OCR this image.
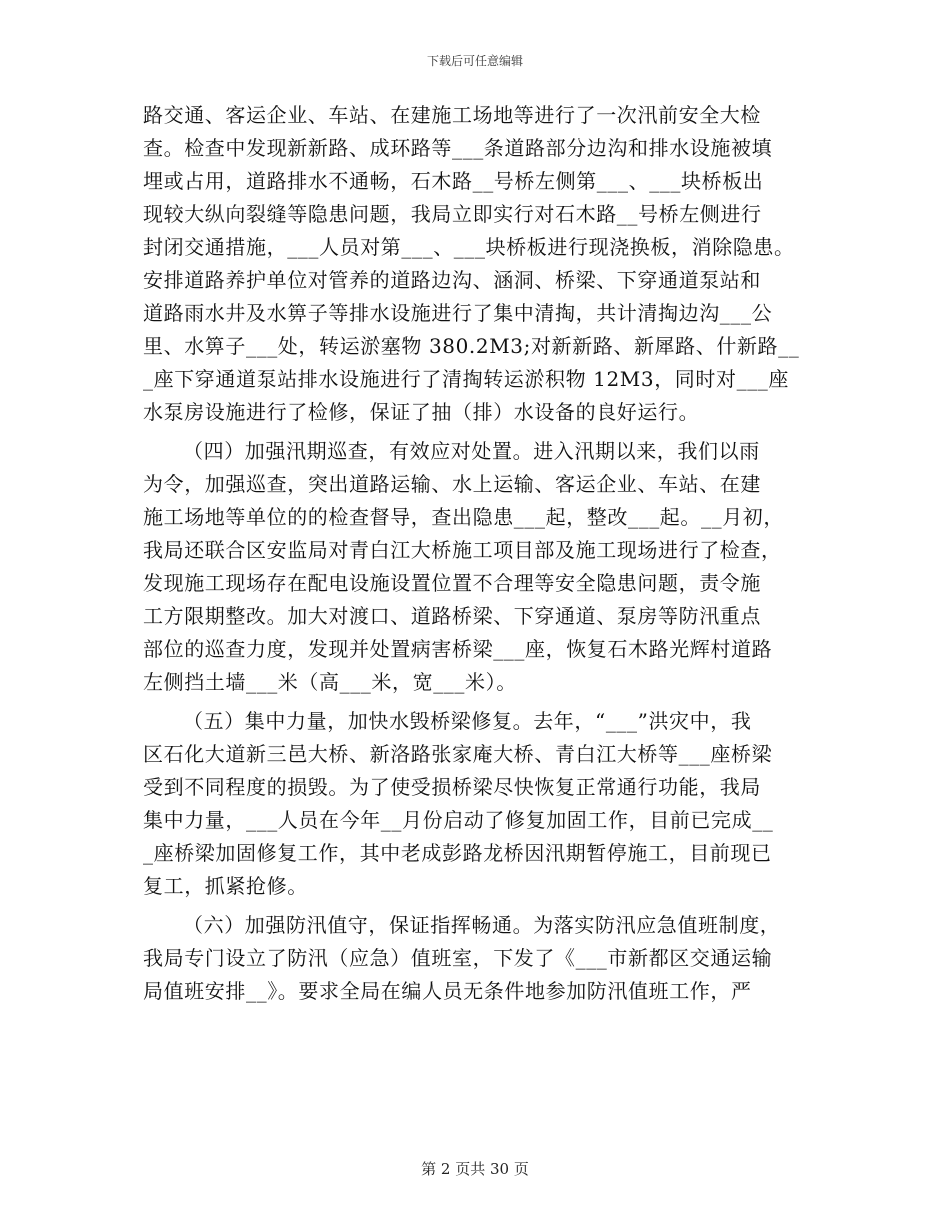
下载后可任意编辑
路交通、客运企业、车站、在建施工场地等进行了一次汛前安全大检
查。检查中发现新新路、成环路等___条道路部分边沟和排水设施被填
埋或占用，道路排水不通畅，石木路__号桥左侧第___、___块桥板出
现较大纵向裂缝等隐患问题，我局立即实行对石木路__号桥左侧进行
封闭交通措施，___人员对第___、___块桥板进行现浇换板，消除隐患。
安排道路养护单位对管养的道路边沟、涵洞、桥梁、下穿通道泵站和
道路雨水井及水箅子等排水设施进行了集中清掏，共计清掏边沟___公
里、水箅子___处，转运淤塞物 380.2M3;对新新路、新犀路、什新路__
_座下穿通道泵站排水设施进行了清掏转运淤积物 12M3，同时对___座
水泵房设施进行了检修，保证了抽（排）水设备的良好运行。
（四）加强汛期巡查，有效应对处置。进入汛期以来，我们以雨
为令，加强巡查，突出道路运输、水上运输、客运企业、车站、在建
施工场地等单位的的检查督导，查出隐患___起，整改___起。__月初，
我局还联合区安监局对青白江大桥施工项目部及施工现场进行了检查，
发现施工现场存在配电设施设置位置不合理等安全隐患问题，责令施
工方限期整改。加大对渡口、道路桥梁、下穿通道、泵房等防汛重点
部位的巡查力度，发现并处置病害桥梁___座，恢复石木路光辉村道路
左侧挡土墙___米（高___米，宽___米）。
（五）集中力量，加快水毁桥梁修复。去年，“___”洪灾中，我
区石化大道新三邑大桥、新洛路张家庵大桥、青白江大桥等___座桥梁
受到不同程度的损毁。为了使受损桥梁尽快恢复正常通行功能，我局
集中力量，___人员在今年__月份启动了修复加固工作，目前已完成__
_座桥梁加固修复工作，其中老成彭路龙桥因汛期暂停施工，目前现已
复工，抓紧抢修。
（六）加强防汛值守，保证指挥畅通。为落实防汛应急值班制度，
我局专门设立了防汛（应急）值班室，下发了《___市新都区交通运输
局值班安排__》。要求全局在编人员无条件地参加防汛值班工作，严
第 2 页共 30 页
